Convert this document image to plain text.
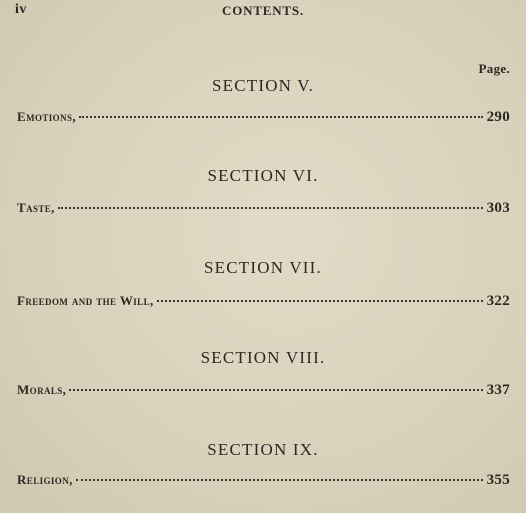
iv	CONTENTS.
Page.
SECTION V.
Emotions,	290
SECTION VI.
Taste,	303
SECTION VII.
Freedom and the Will,	322
SECTION VIII.
Morals,	337
SECTION IX.
Religion,	355
